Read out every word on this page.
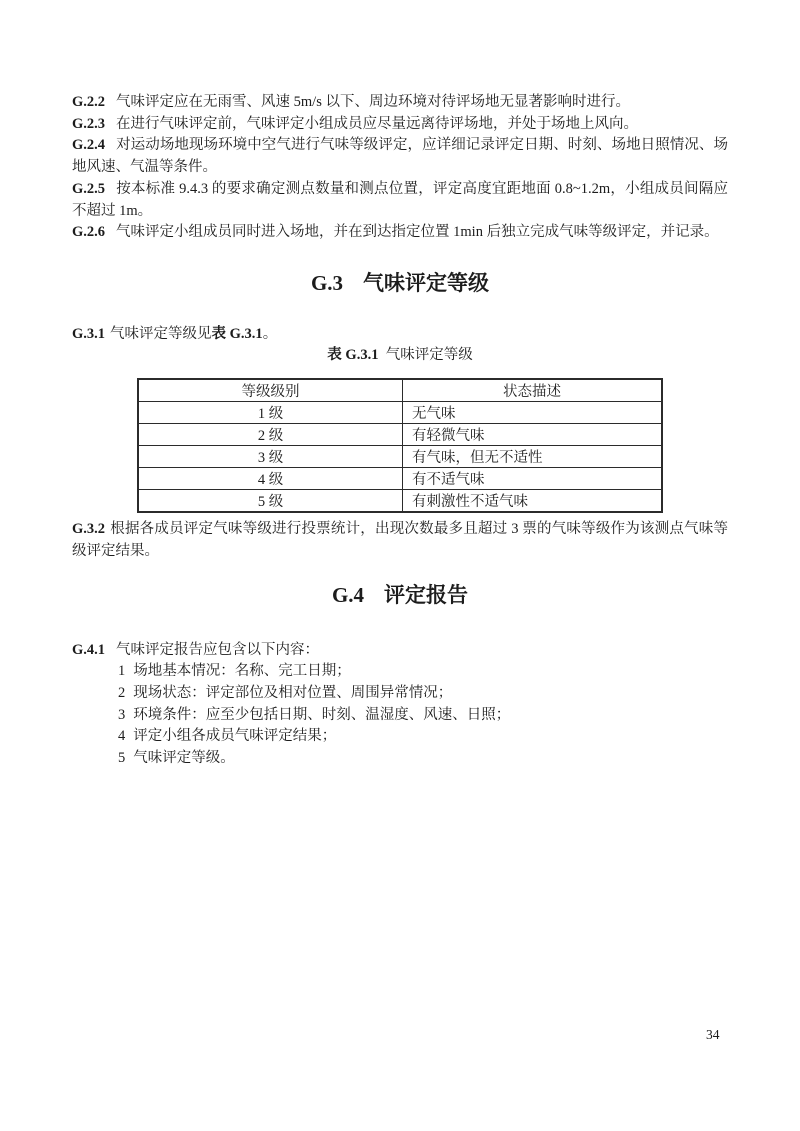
G.2.2 气味评定应在无雨雪、风速 5m/s 以下、周边环境对待评场地无显著影响时进行。

G.2.3 在进行气味评定前，气味评定小组成员应尽量远离待评场地，并处于场地上风向。

G.2.4 对运动场地现场环境中空气进行气味等级评定，应详细记录评定日期、时刻、场地日照情况、场地风速、气温等条件。

G.2.5 按本标准 9.4.3 的要求确定测点数量和测点位置，评定高度宜距地面 0.8~1.2m，小组成员间隔应不超过 1m。

G.2.6 气味评定小组成员同时进入场地，并在到达指定位置 1min 后独立完成气味等级评定，并记录。

G.3 气味评定等级

G.3.1 气味评定等级见表 G.3.1。

表 G.3.1 气味评定等级

等级级别	状态描述
1 级	无气味
2 级	有轻微气味
3 级	有气味，但无不适性
4 级	有不适气味
5 级	有刺激性不适气味

G.3.2 根据各成员评定气味等级进行投票统计，出现次数最多且超过 3 票的气味等级作为该测点气味等级评定结果。

G.4 评定报告

G.4.1 气味评定报告应包含以下内容：

1 场地基本情况：名称、完工日期；
2 现场状态：评定部位及相对位置、周围异常情况；
3 环境条件：应至少包括日期、时刻、温湿度、风速、日照；
4 评定小组各成员气味评定结果；
5 气味评定等级。
34
